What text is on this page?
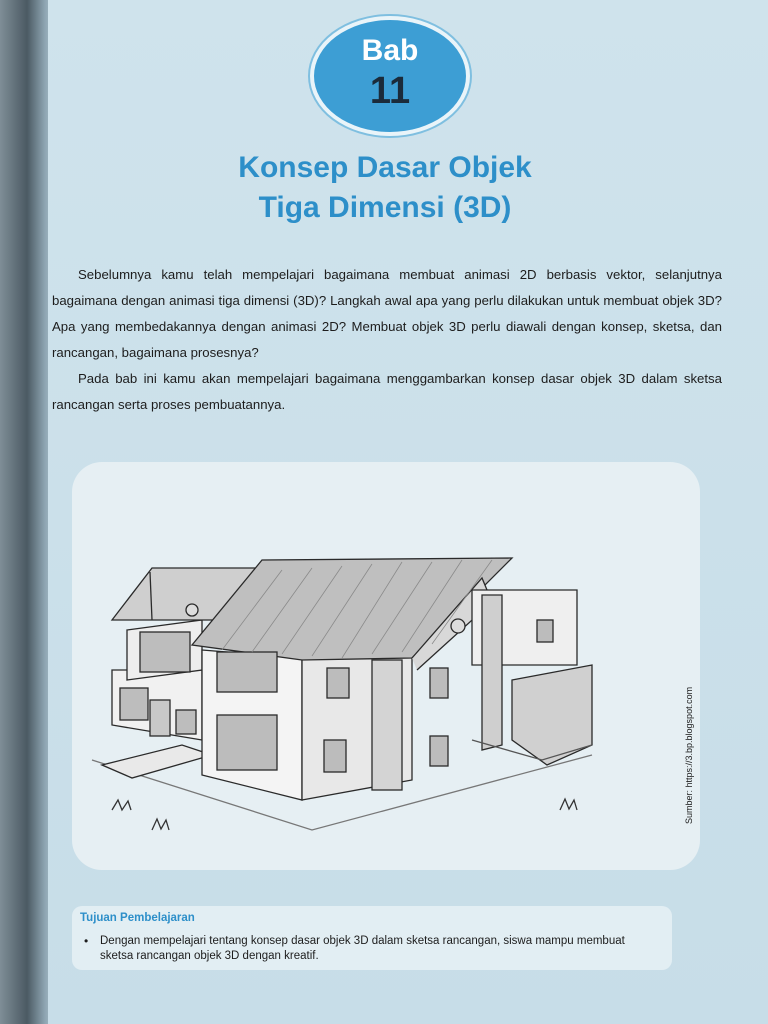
Bab
11
Konsep Dasar Objek
Tiga Dimensi (3D)
Sebelumnya kamu telah mempelajari bagaimana membuat animasi 2D berbasis vektor, selanjutnya bagaimana dengan animasi tiga dimensi (3D)? Langkah awal apa yang perlu dilakukan untuk membuat objek 3D? Apa yang membedakannya dengan animasi 2D? Membuat objek 3D perlu diawali dengan konsep, sketsa, dan rancangan, bagaimana prosesnya?
Pada bab ini kamu akan mempelajari bagaimana menggambarkan konsep dasar objek 3D dalam sketsa rancangan serta proses pembuatannya.
Sumber: https://3.bp.blogspot.com
Tujuan Pembelajaran
• Dengan mempelajari tentang konsep dasar objek 3D dalam sketsa rancangan, siswa mampu membuat sketsa rancangan objek 3D dengan kreatif.
